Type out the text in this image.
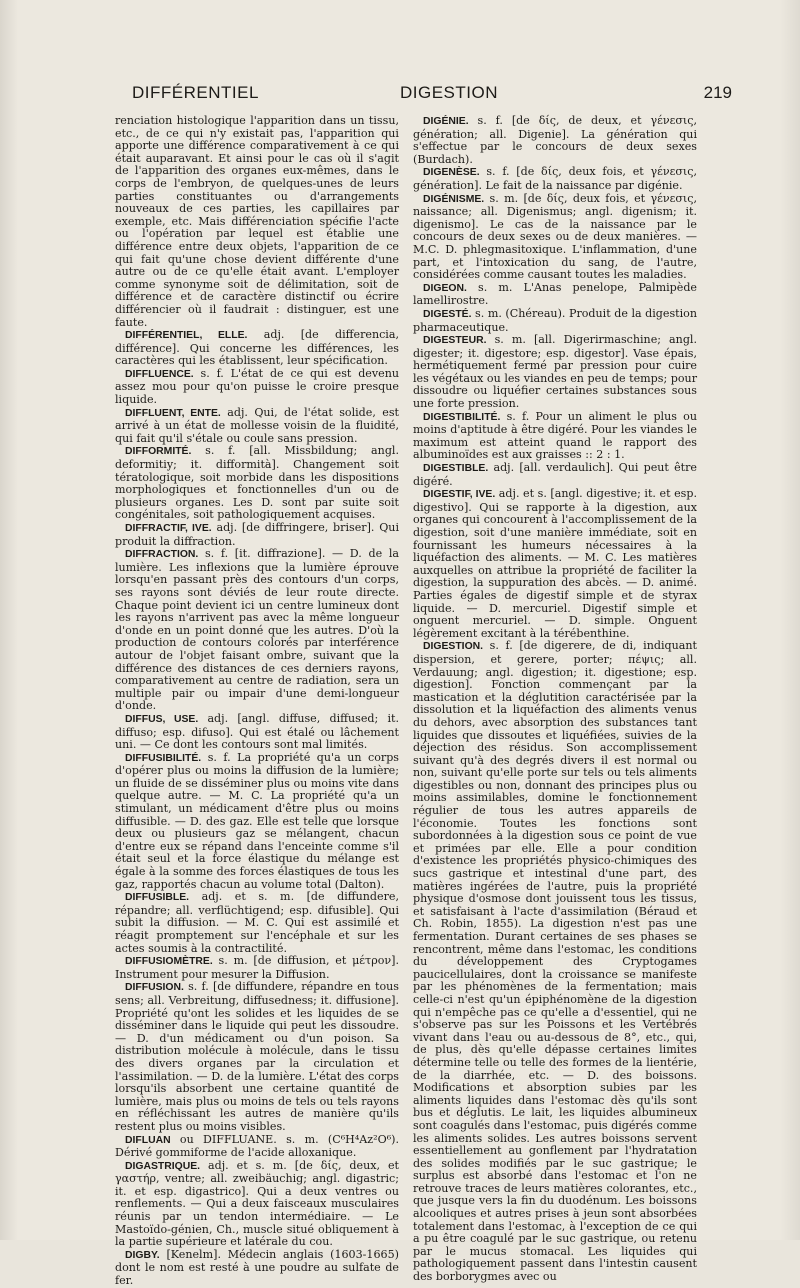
DIFFÉRENTIEL	DIGESTION	219

renciation histologique l'apparition dans un tissu, etc., de ce qui n'y existait pas, l'apparition qui apporte une différence comparativement à ce qui était auparavant. Et ainsi pour le cas où il s'agit de l'apparition des organes eux-mêmes, dans le corps de l'embryon, de quelques-unes de leurs parties constituantes ou d'arrangements nouveaux de ces parties, les capillaires par exemple, etc. Mais différenciation spécifie l'acte ou l'opération par lequel est établie une différence entre deux objets, l'apparition de ce qui fait qu'une chose devient différente d'une autre ou de ce qu'elle était avant. L'employer comme synonyme soit de délimitation, soit de différence et de caractère distinctif ou écrire différencier où il faudrait : distinguer, est une faute.

DIFFÉRENTIEL, ELLE. adj. [de differencia, différence]. Qui concerne les différences, les caractères qui les établissent, leur spécification.

DIFFLUENCE. s. f. L'état de ce qui est devenu assez mou pour qu'on puisse le croire presque liquide.

DIFFLUENT, ENTE. adj. Qui, de l'état solide, est arrivé à un état de mollesse voisin de la fluidité, qui fait qu'il s'étale ou coule sans pression.

DIFFORMITÉ. s. f. [all. Missbildung; angl. deformitiy; it. difformità]. Changement soit tératologique, soit morbide dans les dispositions morphologiques et fonctionnelles d'un ou de plusieurs organes. Les D. sont par suite soit congénitales, soit pathologiquement acquises.

DIFFRACTIF, IVE. adj. [de diffringere, briser]. Qui produit la diffraction.

DIFFRACTION. s. f. [it. diffrazione]. — D. de la lumière. Les inflexions que la lumière éprouve lorsqu'en passant près des contours d'un corps, ses rayons sont déviés de leur route directe. Chaque point devient ici un centre lumineux dont les rayons n'arrivent pas avec la même longueur d'onde en un point donné que les autres. D'où la production de contours colorés par interférence autour de l'objet faisant ombre, suivant que la différence des distances de ces derniers rayons, comparativement au centre de radiation, sera un multiple pair ou impair d'une demi-longueur d'onde.

DIFFUS, USE. adj. [angl. diffuse, diffused; it. diffuso; esp. difuso]. Qui est étalé ou lâchement uni. — Ce dont les contours sont mal limités.

DIFFUSIBILITÉ. s. f. La propriété qu'a un corps d'opérer plus ou moins la diffusion de la lumière; un fluide de se disséminer plus ou moins vite dans quelque autre. — M. C. La propriété qu'a un stimulant, un médicament d'être plus ou moins diffusible. — D. des gaz. Elle est telle que lorsque deux ou plusieurs gaz se mélangent, chacun d'entre eux se répand dans l'enceinte comme s'il était seul et la force élastique du mélange est égale à la somme des forces élastiques de tous les gaz, rapportés chacun au volume total (Dalton).

DIFFUSIBLE. adj. et s. m. [de diffundere, répandre; all. verflüchtigend; esp. difusible]. Qui subit la diffusion. — M. C. Qui est assimilé et réagit promptement sur l'encéphale et sur les actes soumis à la contractilité.

DIFFUSIOMÈTRE. s. m. [de diffusion, et μέτρον]. Instrument pour mesurer la Diffusion.

DIFFUSION. s. f. [de diffundere, répandre en tous sens; all. Verbreitung, diffusedness; it. diffusione]. Propriété qu'ont les solides et les liquides de se disséminer dans le liquide qui peut les dissoudre. — D. d'un médicament ou d'un poison. Sa distribution molécule à molécule, dans le tissu des divers organes par la circulation et l'assimilation. — D. de la lumière. L'état des corps lorsqu'ils absorbent une certaine quantité de lumière, mais plus ou moins de tels ou tels rayons en réfléchissant les autres de manière qu'ils restent plus ou moins visibles.

DIFLUAN ou DIFFLUANE. s. m. (C⁶H⁴Az²O⁶). Dérivé gommiforme de l'acide alloxanique.

DIGASTRIQUE. adj. et s. m. [de δίς, deux, et γαστήρ, ventre; all. zweibäuchig; angl. digastric; it. et esp. digastrico]. Qui a deux ventres ou renflements. — Qui a deux faisceaux musculaires réunis par un tendon intermédiaire. — Le Mastoïdo-génien, Ch., muscle situé obliquement à la partie supérieure et latérale du cou.

DIGBY. [Kenelm]. Médecin anglais (1603-1665) dont le nom est resté à une poudre au sulfate de fer.

DIGÉNIE. s. f. [de δίς, de deux, et γένεσις, génération; all. Digenie]. La génération qui s'effectue par le concours de deux sexes (Burdach).

DIGENÈSE. s. f. [de δίς, deux fois, et γένεσις, génération]. Le fait de la naissance par digénie.

DIGÉNISME. s. m. [de δίς, deux fois, et γένεσις, naissance; all. Digenismus; angl. digenism; it. digenismo]. Le cas de la naissance par le concours de deux sexes ou de deux manières. — M.C. D. phlegmasitoxique. L'inflammation, d'une part, et l'intoxication du sang, de l'autre, considérées comme causant toutes les maladies.

DIGEON. s. m. L'Anas penelope, Palmipède lamellirostre.

DIGESTÉ. s. m. (Chéreau). Produit de la digestion pharmaceutique.

DIGESTEUR. s. m. [all. Digerirmaschine; angl. digester; it. digestore; esp. digestor]. Vase épais, hermétiquement fermé par pression pour cuire les végétaux ou les viandes en peu de temps; pour dissoudre ou liquéfier certaines substances sous une forte pression.

DIGESTIBILITÉ. s. f. Pour un aliment le plus ou moins d'aptitude à être digéré. Pour les viandes le maximum est atteint quand le rapport des albuminoïdes est aux graisses :: 2 : 1.

DIGESTIBLE. adj. [all. verdaulich]. Qui peut être digéré.

DIGESTIF, IVE. adj. et s. [angl. digestive; it. et esp. digestivo]. Qui se rapporte à la digestion, aux organes qui concourent à l'accomplissement de la digestion, soit d'une manière immédiate, soit en fournissant les humeurs nécessaires à la liquéfaction des aliments. — M. C. Les matières auxquelles on attribue la propriété de faciliter la digestion, la suppuration des abcès. — D. animé. Parties égales de digestif simple et de styrax liquide. — D. mercuriel. Digestif simple et onguent mercuriel. — D. simple. Onguent légèrement excitant à la térébenthine.

DIGESTION. s. f. [de digerere, de di, indiquant dispersion, et gerere, porter; πέψις; all. Verdauung; angl. digestion; it. digestione; esp. digestion]. Fonction commençant par la mastication et la déglutition caractérisée par la dissolution et la liquéfaction des aliments venus du dehors, avec absorption des substances tant liquides que dissoutes et liquéfiées, suivies de la déjection des résidus. Son accomplissement suivant qu'à des degrés divers il est normal ou non, suivant qu'elle porte sur tels ou tels aliments digestibles ou non, donnant des principes plus ou moins assimilables, domine le fonctionnement régulier de tous les autres appareils de l'économie. Toutes les fonctions sont subordonnées à la digestion sous ce point de vue et primées par elle. Elle a pour condition d'existence les propriétés physico-chimiques des sucs gastrique et intestinal d'une part, des matières ingérées de l'autre, puis la propriété physique d'osmose dont jouissent tous les tissus, et satisfaisant à l'acte d'assimilation (Béraud et Ch. Robin, 1855). La digestion n'est pas une fermentation. Durant certaines de ses phases se rencontrent, même dans l'estomac, les conditions du développement des Cryptogames paucicellulaires, dont la croissance se manifeste par les phénomènes de la fermentation; mais celle-ci n'est qu'un épiphénomène de la digestion qui n'empêche pas ce qu'elle a d'essentiel, qui ne s'observe pas sur les Poissons et les Vertébrés vivant dans l'eau ou au-dessous de 8°, etc., qui, de plus, dès qu'elle dépasse certaines limites détermine telle ou telle des formes de la lientérie, de la diarrhée, etc. — D. des boissons. Modifications et absorption subies par les aliments liquides dans l'estomac dès qu'ils sont bus et déglutis. Le lait, les liquides albumineux sont coagulés dans l'estomac, puis digérés comme les aliments solides. Les autres boissons servent essentiellement au gonflement par l'hydratation des solides modifiés par le suc gastrique; le surplus est absorbé dans l'estomac et l'on ne retrouve traces de leurs matières colorantes, etc., que jusque vers la fin du duodénum. Les boissons alcooliques et autres prises à jeun sont absorbées totalement dans l'estomac, à l'exception de ce qui a pu être coagulé par le suc gastrique, ou retenu par le mucus stomacal. Les liquides qui pathologiquement passent dans l'intestin causent des borborygmes avec ou
